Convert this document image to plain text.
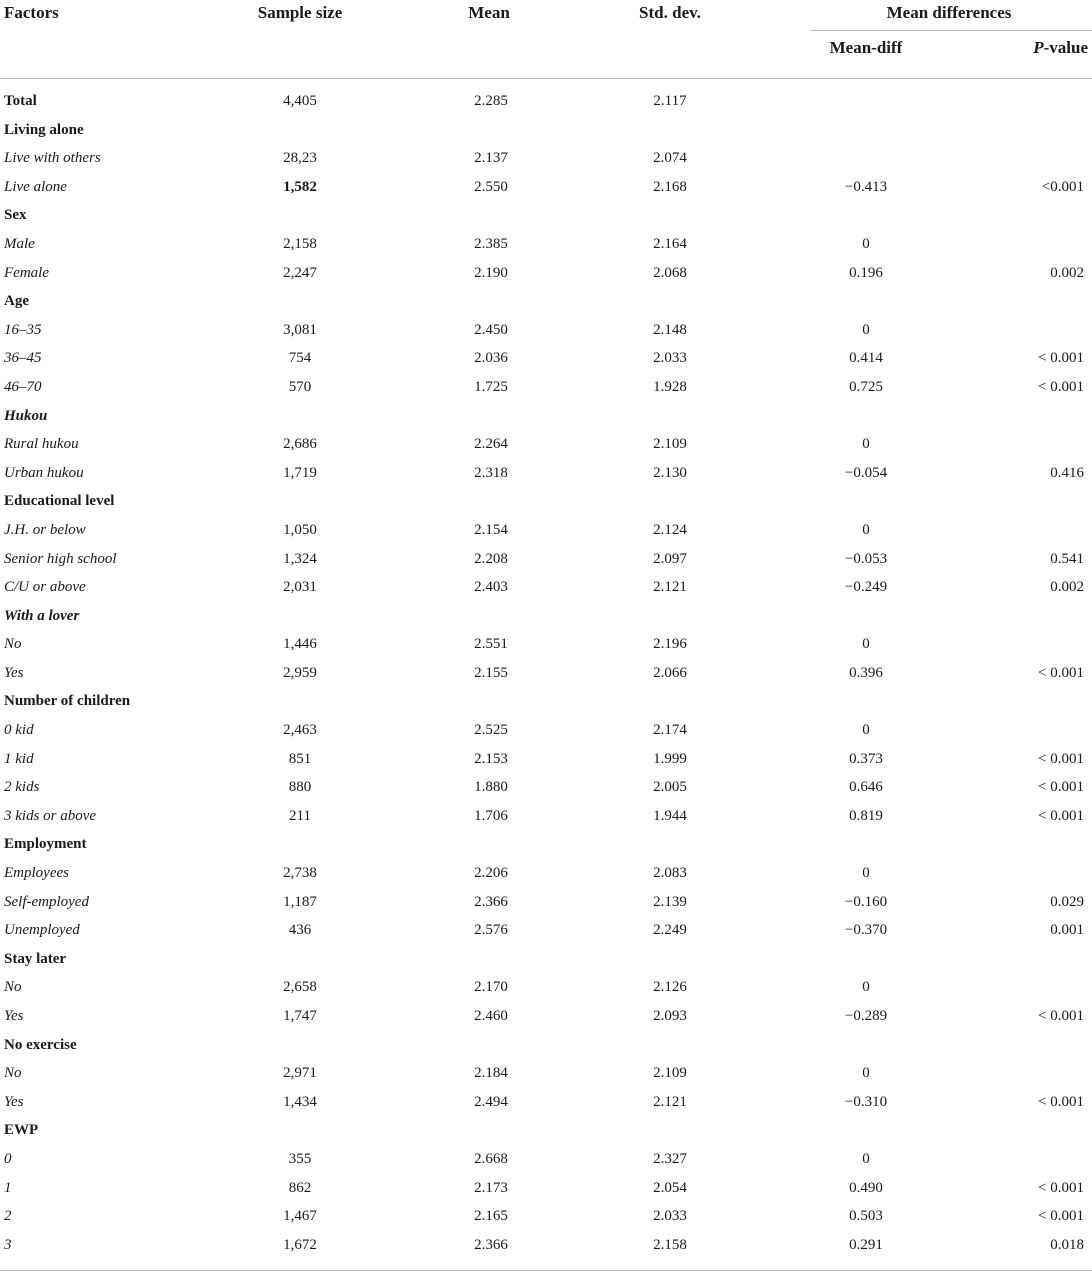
Factors	Sample size	Mean	Std. dev.	Mean differences
Mean-diff	P-value
Total	4,405	2.285	2.117
Living alone
Live with others	28,23	2.137	2.074
Live alone	1,582	2.550	2.168	−0.413	<0.001
Sex
Male	2,158	2.385	2.164	0
Female	2,247	2.190	2.068	0.196	0.002
Age
16–35	3,081	2.450	2.148	0
36–45	754	2.036	2.033	0.414	< 0.001
46–70	570	1.725	1.928	0.725	< 0.001
Hukou
Rural hukou	2,686	2.264	2.109	0
Urban hukou	1,719	2.318	2.130	−0.054	0.416
Educational level
J.H. or below	1,050	2.154	2.124	0
Senior high school	1,324	2.208	2.097	−0.053	0.541
C/U or above	2,031	2.403	2.121	−0.249	0.002
With a lover
No	1,446	2.551	2.196	0
Yes	2,959	2.155	2.066	0.396	< 0.001
Number of children
0 kid	2,463	2.525	2.174	0
1 kid	851	2.153	1.999	0.373	< 0.001
2 kids	880	1.880	2.005	0.646	< 0.001
3 kids or above	211	1.706	1.944	0.819	< 0.001
Employment
Employees	2,738	2.206	2.083	0
Self-employed	1,187	2.366	2.139	−0.160	0.029
Unemployed	436	2.576	2.249	−0.370	0.001
Stay later
No	2,658	2.170	2.126	0
Yes	1,747	2.460	2.093	−0.289	< 0.001
No exercise
No	2,971	2.184	2.109	0
Yes	1,434	2.494	2.121	−0.310	< 0.001
EWP
0	355	2.668	2.327	0
1	862	2.173	2.054	0.490	< 0.001
2	1,467	2.165	2.033	0.503	< 0.001
3	1,672	2.366	2.158	0.291	0.018
